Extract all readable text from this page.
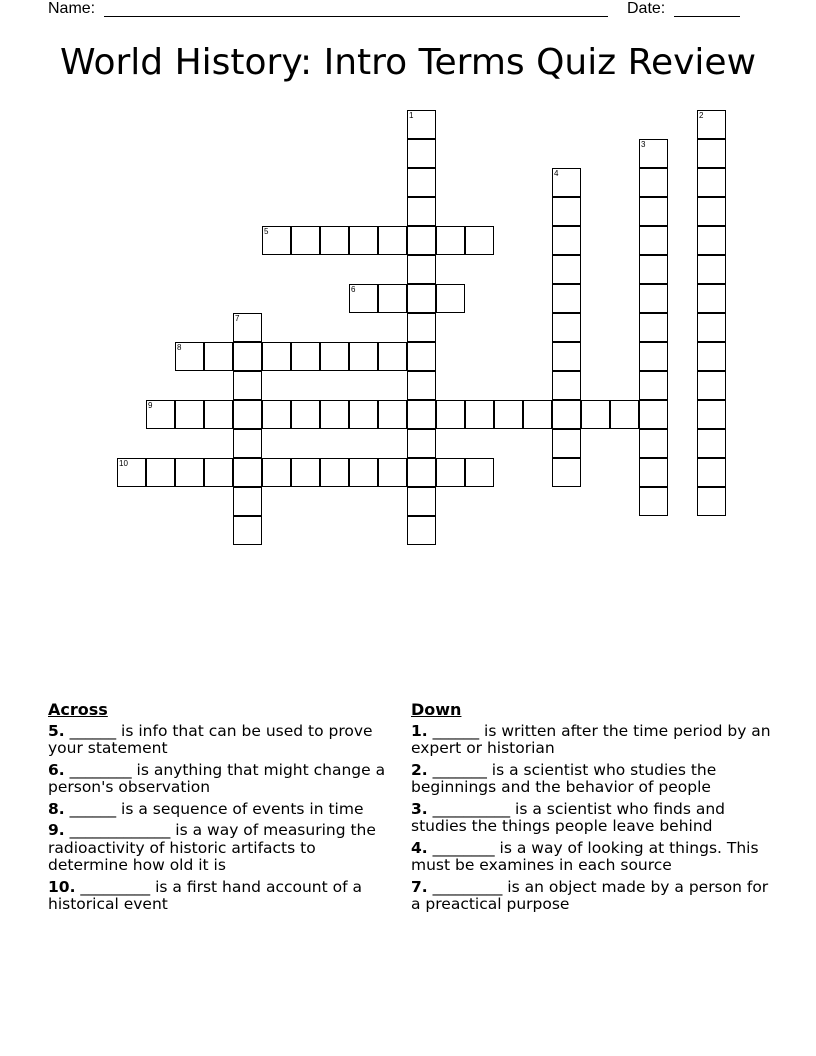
Name:	Date:
World History: Intro Terms Quiz Review
1	2
3
4
5
6
7
8
9
10
Across
5. ______ is info that can be used to prove your statement
6. ________ is anything that might change a person's observation
8. ______ is a sequence of events in time
9. _____________ is a way of measuring the radioactivity of historic artifacts to determine how old it is
10. _________ is a first hand account of a historical event
Down
1. ______ is written after the time period by an expert or historian
2. _______ is a scientist who studies the beginnings and the behavior of people
3. __________ is a scientist who finds and studies the things people leave behind
4. ________ is a way of looking at things. This must be examines in each source
7. _________ is an object made by a person for a preactical purpose
